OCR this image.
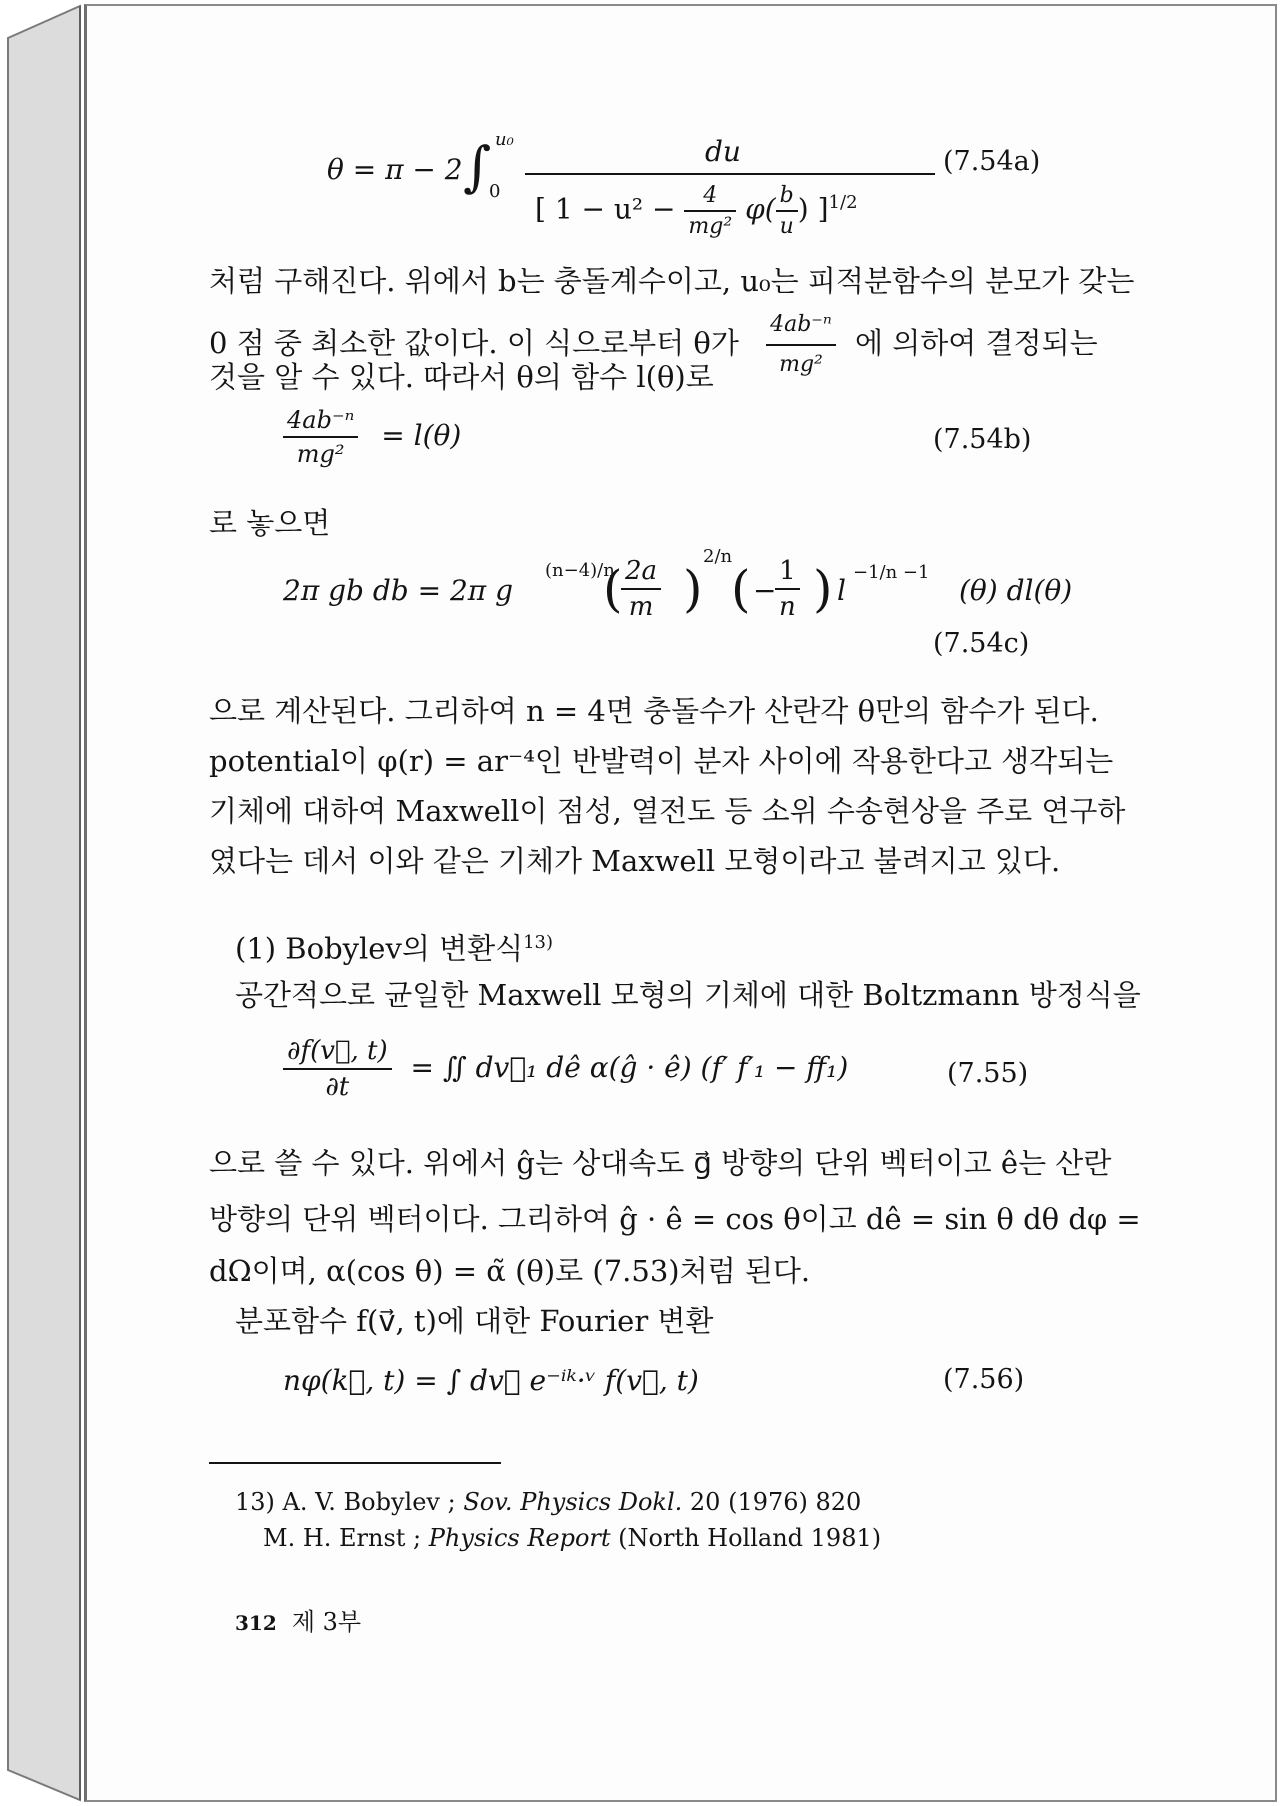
θ = π − 2 ∫ u₀
0
du
[ $1 - u^2 - \frac{4}{\text{mg²}} \varphi( \frac{b}{u}$ ) ]$^{1/2}$
(7.54a)
처럼 구해진다. 위에서 b는 충돌계수이고, u₀는 피적분함수의 분모가 갖는
0 점 중 최소한 값이다. 이 식으로부터 θ가 $\frac{\text{4ab⁻ⁿ}}{\text{mg²}}$ 에 의하여 결정되는
것을 알 수 있다. 따라서 θ의 함수 l(θ)로
$\frac{\text{4ab⁻ⁿ}}{\text{mg²}} = l(\theta)$	(7.54b)
로 놓으면
2π gb db = 2π g
(n−4)/n
(
$\frac{2a}{m}$ )
2/n
( −
$\frac{1}{n}$ ) l
−1/n −1
(θ) dl(θ)
(7.54c)
으로 계산된다. 그리하여 n = 4면 충돌수가 산란각 θ만의 함수가 된다.
potential이 φ(r) = ar⁻⁴인 반발력이 분자 사이에 작용한다고 생각되는
기체에 대하여 Maxwell이 점성, 열전도 등 소위 수송현상을 주로 연구하
였다는 데서 이와 같은 기체가 Maxwell 모형이라고 불려지고 있다.
(1) Bobylev의 변환식$^{13)}$
공간적으로 균일한 Maxwell 모형의 기체에 대한 Boltzmann 방정식을
$\frac{\partial f(v⃗, t)}{\partial t}$ = ∬ dv⃗₁ dê α(ĝ · ê) (f′ f′₁ − ff₁)	(7.55)
으로 쓸 수 있다. 위에서 ĝ는 상대속도 g⃗ 방향의 단위 벡터이고 ê는 산란
방향의 단위 벡터이다. 그리하여 ĝ · ê = cos θ이고 dê = sin θ dθ dφ =
dΩ이며, α(cos θ) = α̃ (θ)로 (7.53)처럼 된다.
분포함수 f(v⃗, t)에 대한 Fourier 변환
nφ(k⃗, t) = ∫ dv⃗ e⁻ⁱᵏ·ᵛ f(v⃗, t)	(7.56)
13) A. V. Bobylev ; Sov. Physics Dokl. 20 (1976) 820
M. H. Ernst ; Physics Report (North Holland 1981)
312 제 3부
